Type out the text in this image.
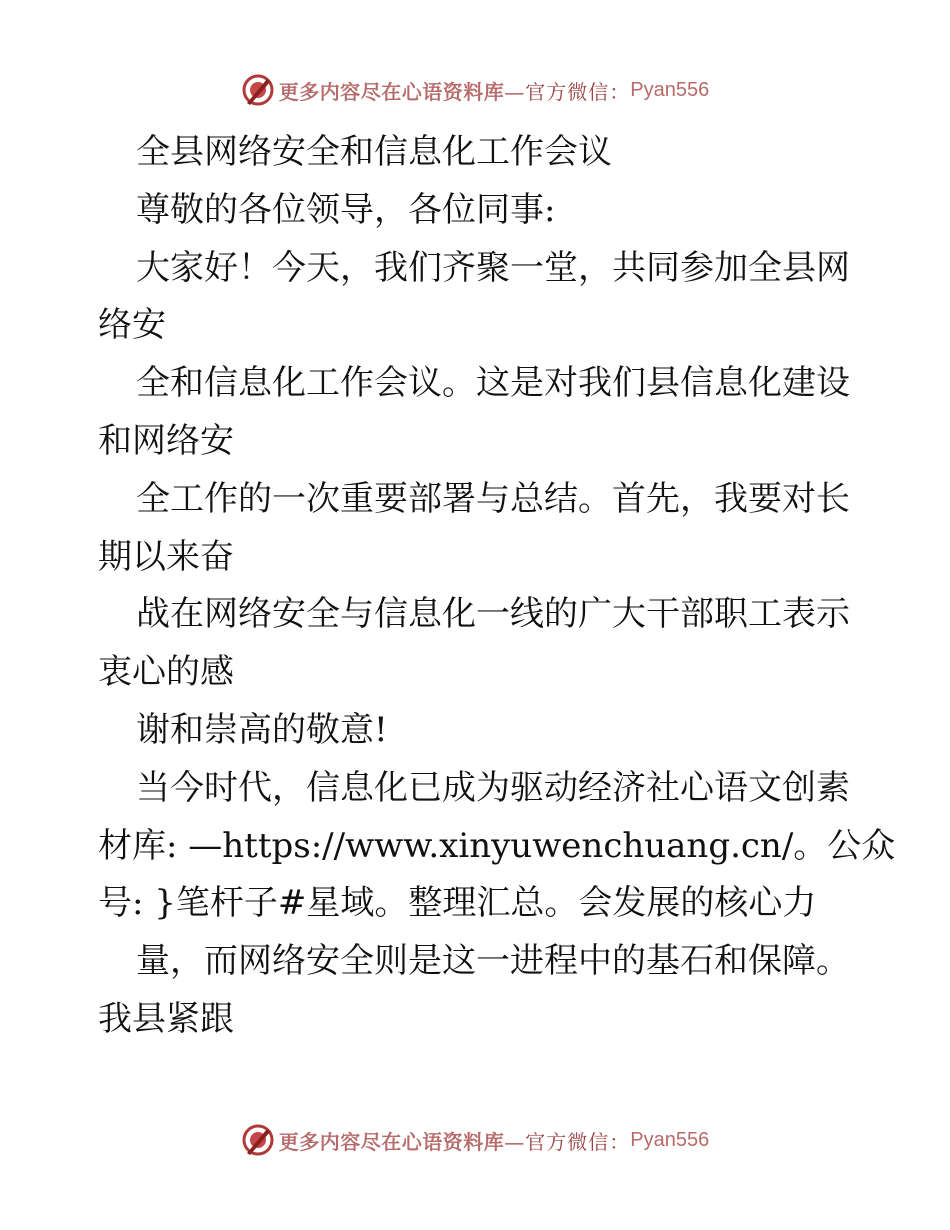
更多内容尽在心语资料库 —官方微信： Pyan556
全县网络安全和信息化工作会议
尊敬的各位领导，各位同事:
大家好！今天，我们齐聚一堂，共同参加全县网
络安
全和信息化工作会议。这是对我们县信息化建设
和网络安
全工作的一次重要部署与总结。首先，我要对长
期以来奋
战在网络安全与信息化一线的广大干部职工表示
衷心的感
谢和崇高的敬意!
当今时代，信息化已成为驱动经济社心语文创素
材库: —https://www.xinyuwenchuang.cn/。公众
号: }笔杆子#星域。整理汇总。会发展的核心力
量，而网络安全则是这一进程中的基石和保障。
我县紧跟
更多内容尽在心语资料库 —官方微信： Pyan556
